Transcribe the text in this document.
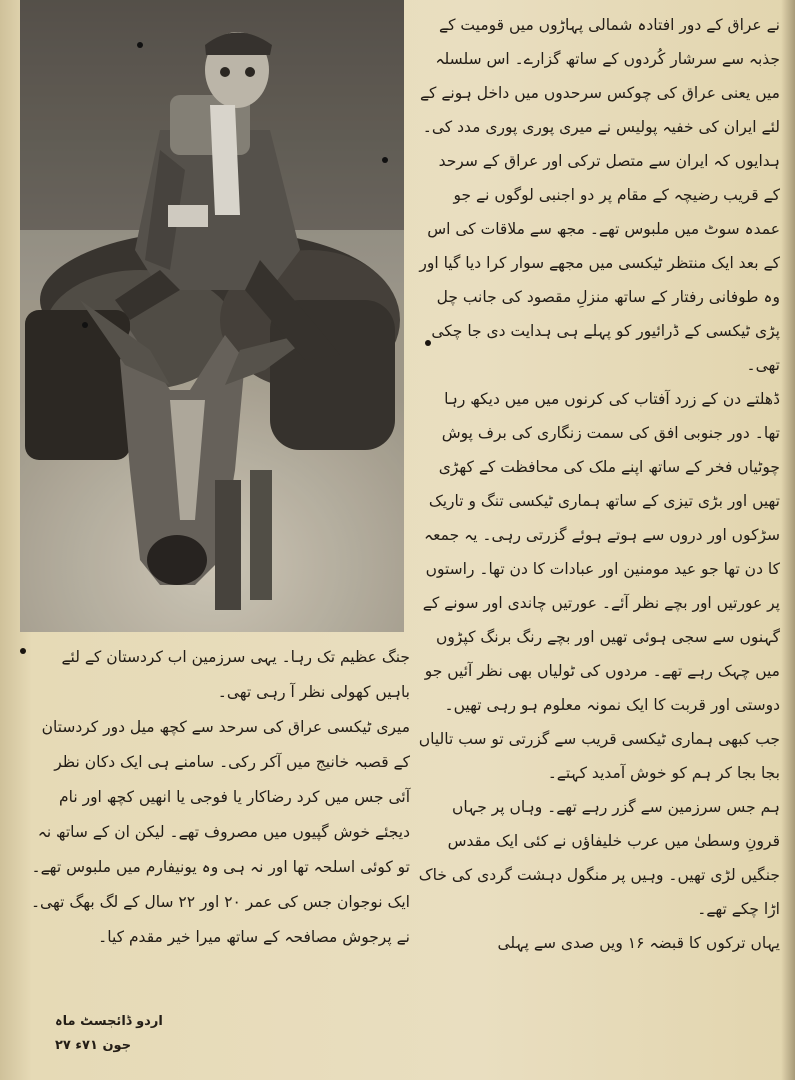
نے عراق کے دور افتادہ شمالی پہاڑوں میں قومیت کے جذبہ سے سرشار کُردوں کے ساتھ گزارے۔ اس سلسلہ میں یعنی عراق کی چوکس سرحدوں میں داخل ہونے کے لئے ایران کی خفیہ پولیس نے میری پوری پوری مدد کی۔ ہدایوں کہ ایران سے متصل ترکی اور عراق کے سرحد کے قریب رضیچہ کے مقام پر دو اجنبی لوگوں نے جو عمدہ سوٹ میں ملبوس تھے۔ مجھ سے ملاقات کی اس کے بعد ایک منتظر ٹیکسی میں مجھے سوار کرا دیا گیا اور وہ طوفانی رفتار کے ساتھ منزلِ مقصود کی جانب چل پڑی ٹیکسی کے ڈرائیور کو پہلے ہی ہدایت دی جا چکی تھی۔

ڈھلتے دن کے زرد آفتاب کی کرنوں میں میں دیکھ رہا تھا۔ دور جنوبی افق کی سمت زنگاری کی برف پوش چوٹیاں فخر کے ساتھ اپنے ملک کی محافظت کے کھڑی تھیں اور بڑی تیزی کے ساتھ ہماری ٹیکسی تنگ و تاریک سڑکوں اور دروں سے ہوتے ہوئے گزرتی رہی۔ یہ جمعہ کا دن تھا جو عید مومنین اور عبادات کا دن تھا۔ راستوں پر عورتیں اور بچے نظر آئے۔ عورتیں چاندی اور سونے کے گہنوں سے سجی ہوئی تھیں اور بچے رنگ برنگ کپڑوں میں چہک رہے تھے۔ مردوں کی ٹولیاں بھی نظر آئیں جو دوستی اور قربت کا ایک نمونہ معلوم ہو رہی تھیں۔ جب کبھی ہماری ٹیکسی قریب سے گزرتی تو سب تالیاں بجا بجا کر ہم کو خوش آمدید کہتے۔

ہم جس سرزمین سے گزر رہے تھے۔ وہاں پر جہاں قرونِ وسطیٰ میں عرب خلیفاؤں نے کئی ایک مقدس جنگیں لڑی تھیں۔ وہیں پر منگول دہشت گردی کی خاک اڑا چکے تھے۔

یہاں ترکوں کا قبضہ ۱۶ ویں صدی سے پہلی

جنگ عظیم تک رہا۔ یہی سرزمین اب کردستان کے لئے باہیں کھولی نظر آ رہی تھی۔

میری ٹیکسی عراق کی سرحد سے کچھ میل دور کردستان کے قصبہ خانیج میں آکر رکی۔ سامنے ہی ایک دکان نظر آئی جس میں کرد رضاکار یا فوجی یا انھیں کچھ اور نام دیجئے خوش گپیوں میں مصروف تھے۔ لیکن ان کے ساتھ نہ تو کوئی اسلحہ تھا اور نہ ہی وہ یونیفارم میں ملبوس تھے۔ ایک نوجوان جس کی عمر ۲۰ اور ۲۲ سال کے لگ بھگ تھی۔ نے پرجوش مصافحہ کے ساتھ میرا خیر مقدم کیا۔

اردو ڈائجسٹ ماہ جون ۷۱ء ۲۷
